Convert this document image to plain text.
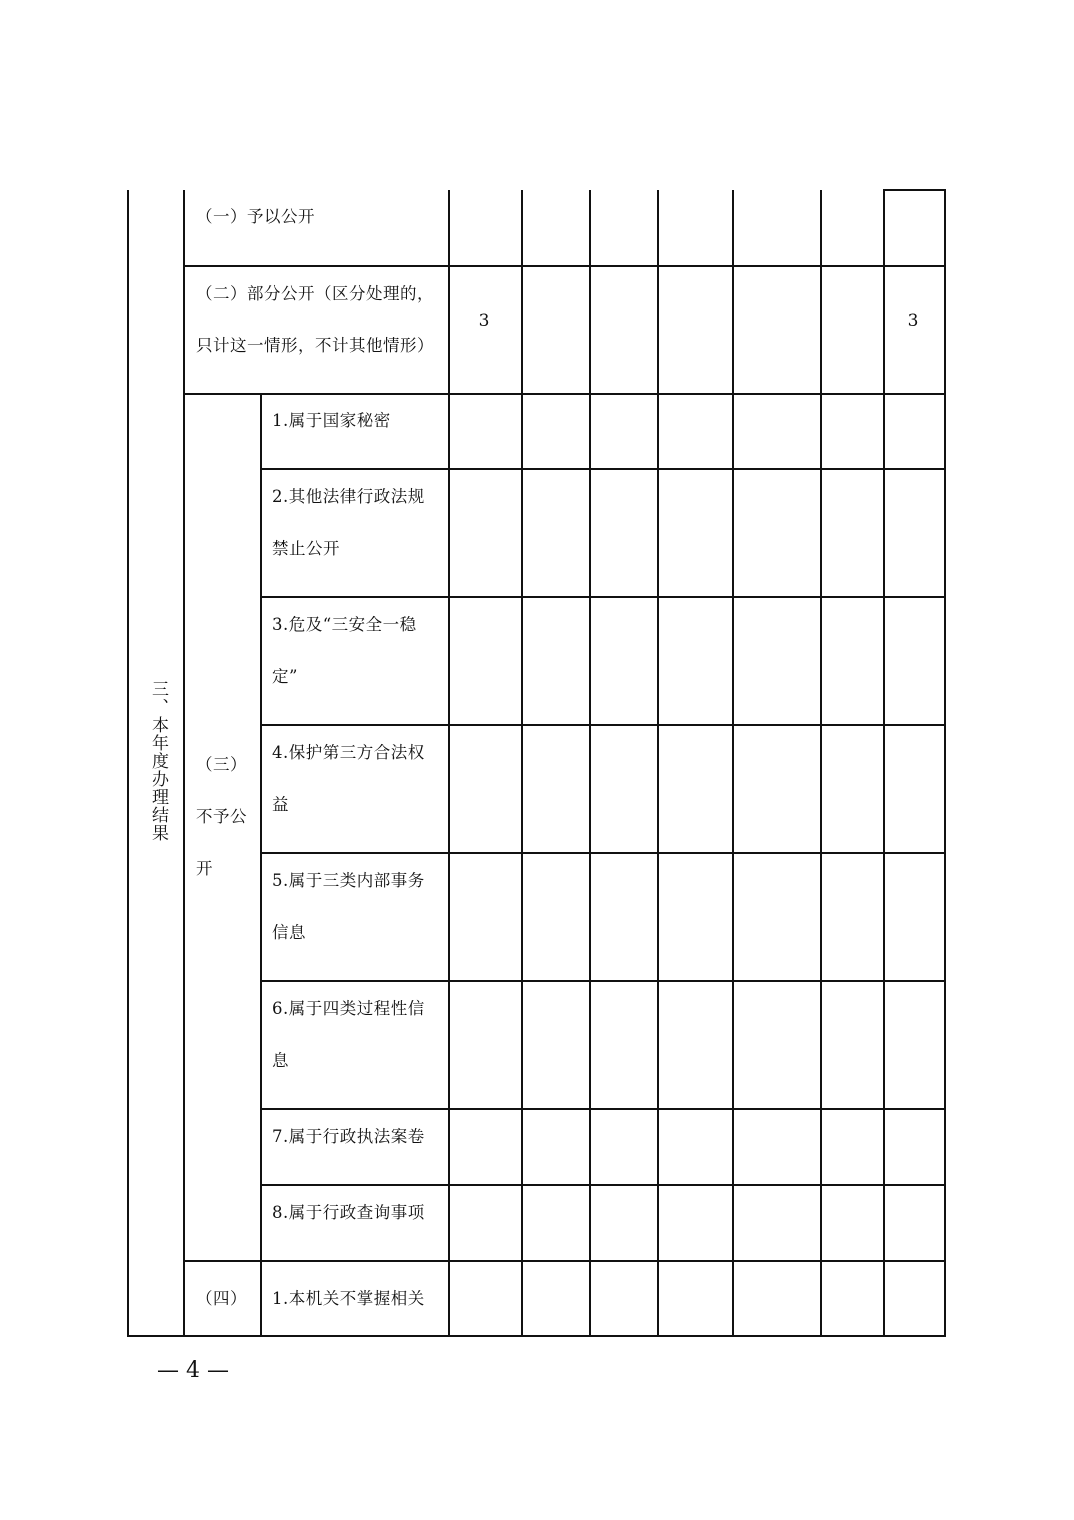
三、本年度办理结果
（一）予以公开
（二）部分公开（区分处理的，
只计这一情形，不计其他情形）
3	3
（三）
不予公
开
1.属于国家秘密
2.其他法律行政法规
禁止公开
3.危及“三安全一稳
定”
4.保护第三方合法权
益
5.属于三类内部事务
信息
6.属于四类过程性信
息
7.属于行政执法案卷
8.属于行政查询事项
（四） 1.本机关不掌握相关
— 4 —
